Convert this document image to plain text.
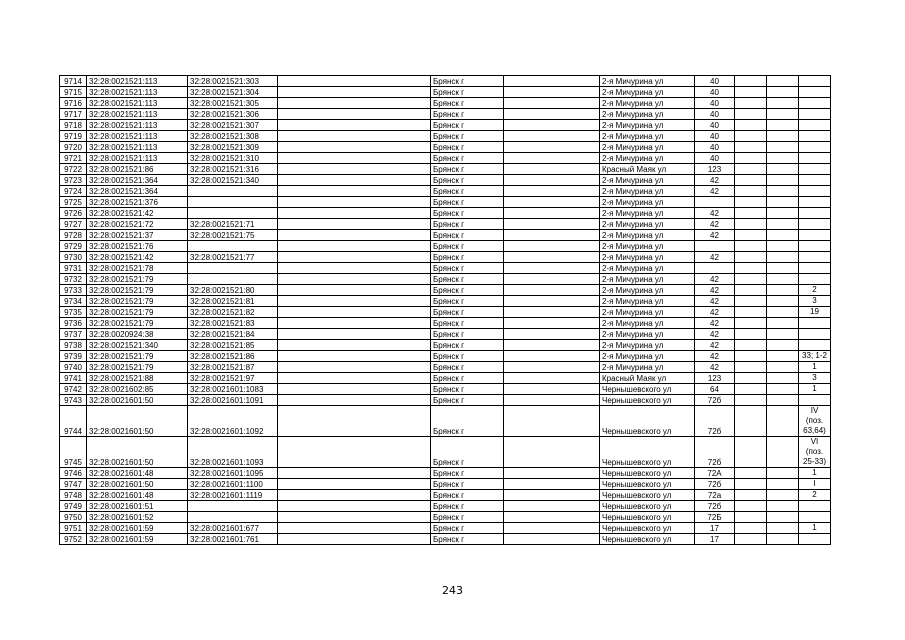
9714	32:28:0021521:113	32:28:0021521:303		Брянск г		2-я Мичурина ул	40			
9715	32:28:0021521:113	32:28:0021521:304		Брянск г		2-я Мичурина ул	40			
9716	32:28:0021521:113	32:28:0021521:305		Брянск г		2-я Мичурина ул	40			
9717	32:28:0021521:113	32:28:0021521:306		Брянск г		2-я Мичурина ул	40			
9718	32:28:0021521:113	32:28:0021521:307		Брянск г		2-я Мичурина ул	40			
9719	32:28:0021521:113	32:28:0021521:308		Брянск г		2-я Мичурина ул	40			
9720	32:28:0021521:113	32:28:0021521:309		Брянск г		2-я Мичурина ул	40			
9721	32:28:0021521:113	32:28:0021521:310		Брянск г		2-я Мичурина ул	40			
9722	32:28:0021521:86	32:28:0021521:316		Брянск г		Красный Маяк ул	123			
9723	32:28:0021521:364	32:28:0021521:340		Брянск г		2-я Мичурина ул	42			
9724	32:28:0021521:364			Брянск г		2-я Мичурина ул	42			
9725	32:28:0021521:376			Брянск г		2-я Мичурина ул				
9726	32:28:0021521:42			Брянск г		2-я Мичурина ул	42			
9727	32:28:0021521:72	32:28:0021521:71		Брянск г		2-я Мичурина ул	42			
9728	32:28:0021521:37	32:28:0021521:75		Брянск г		2-я Мичурина ул	42			
9729	32:28:0021521:76			Брянск г		2-я Мичурина ул				
9730	32:28:0021521:42	32:28:0021521:77		Брянск г		2-я Мичурина ул	42			
9731	32:28:0021521:78			Брянск г		2-я Мичурина ул				
9732	32:28:0021521:79			Брянск г		2-я Мичурина ул	42			
9733	32:28:0021521:79	32:28:0021521:80		Брянск г		2-я Мичурина ул	42			2
9734	32:28:0021521:79	32:28:0021521:81		Брянск г		2-я Мичурина ул	42			3
9735	32:28:0021521:79	32:28:0021521:82		Брянск г		2-я Мичурина ул	42			19
9736	32:28:0021521:79	32:28:0021521:83		Брянск г		2-я Мичурина ул	42			
9737	32:28:0020924:38	32:28:0021521:84		Брянск г		2-я Мичурина ул	42			
9738	32:28:0021521:340	32:28:0021521:85		Брянск г		2-я Мичурина ул	42			
9739	32:28:0021521:79	32:28:0021521:86		Брянск г		2-я Мичурина ул	42			33; 1-2
9740	32:28:0021521:79	32:28:0021521:87		Брянск г		2-я Мичурина ул	42			1
9741	32:28:0021521:88	32:28:0021521:97		Брянск г		Красный Маяк ул	123			3
9742	32:28:0021602:85	32:28:0021601:1083		Брянск г		Чернышевского ул	64			1
9743	32:28:0021601:50	32:28:0021601:1091		Брянск г		Чернышевского ул	72б			
9744	32:28:0021601:50	32:28:0021601:1092		Брянск г		Чернышевского ул	72б			IV (поз. 63,64)
9745	32:28:0021601:50	32:28:0021601:1093		Брянск г		Чернышевского ул	72б			VI (поз. 25-33)
9746	32:28:0021601:48	32:28:0021601:1095		Брянск г		Чернышевского ул	72А			1
9747	32:28:0021601:50	32:28:0021601:1100		Брянск г		Чернышевского ул	72б			I
9748	32:28:0021601:48	32:28:0021601:1119		Брянск г		Чернышевского ул	72а			2
9749	32:28:0021601:51			Брянск г		Чернышевского ул	72б			
9750	32:28:0021601:52			Брянск г		Чернышевского ул	72Б			
9751	32:28:0021601:59	32:28:0021601:677		Брянск г		Чернышевского ул	17			1
9752	32:28:0021601:59	32:28:0021601:761		Брянск г		Чернышевского ул	17			
243
